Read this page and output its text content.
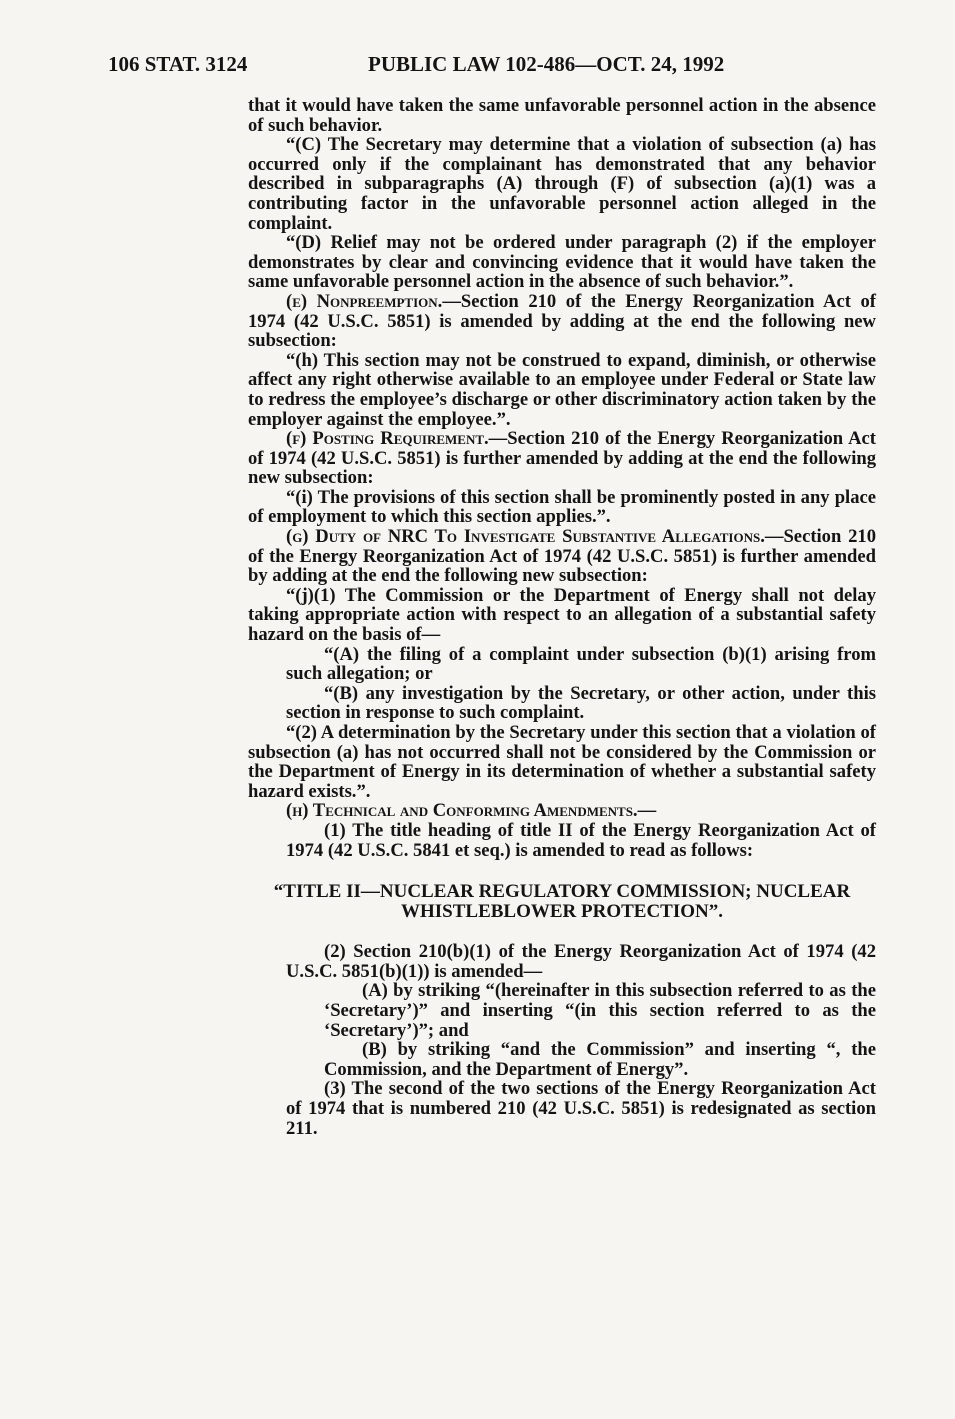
106 STAT. 3124	PUBLIC LAW 102-486—OCT. 24, 1992

that it would have taken the same unfavorable personnel action in the absence of such behavior.

“(C) The Secretary may determine that a violation of subsection (a) has occurred only if the complainant has demonstrated that any behavior described in subparagraphs (A) through (F) of subsection (a)(1) was a contributing factor in the unfavorable personnel action alleged in the complaint.

“(D) Relief may not be ordered under paragraph (2) if the employer demonstrates by clear and convincing evidence that it would have taken the same unfavorable personnel action in the absence of such behavior.”.

(e) Nonpreemption.—Section 210 of the Energy Reorganization Act of 1974 (42 U.S.C. 5851) is amended by adding at the end the following new subsection:

“(h) This section may not be construed to expand, diminish, or otherwise affect any right otherwise available to an employee under Federal or State law to redress the employee’s discharge or other discriminatory action taken by the employer against the employee.”.

(f) Posting Requirement.—Section 210 of the Energy Reorganization Act of 1974 (42 U.S.C. 5851) is further amended by adding at the end the following new subsection:

“(i) The provisions of this section shall be prominently posted in any place of employment to which this section applies.”.

(g) Duty of NRC To Investigate Substantive Allegations.—Section 210 of the Energy Reorganization Act of 1974 (42 U.S.C. 5851) is further amended by adding at the end the following new subsection:

“(j)(1) The Commission or the Department of Energy shall not delay taking appropriate action with respect to an allegation of a substantial safety hazard on the basis of—

“(A) the filing of a complaint under subsection (b)(1) arising from such allegation; or

“(B) any investigation by the Secretary, or other action, under this section in response to such complaint.

“(2) A determination by the Secretary under this section that a violation of subsection (a) has not occurred shall not be considered by the Commission or the Department of Energy in its determination of whether a substantial safety hazard exists.”.

(h) Technical and Conforming Amendments.—

(1) The title heading of title II of the Energy Reorganization Act of 1974 (42 U.S.C. 5841 et seq.) is amended to read as follows:

“TITLE II—NUCLEAR REGULATORY COMMISSION; NUCLEAR WHISTLEBLOWER PROTECTION”.

(2) Section 210(b)(1) of the Energy Reorganization Act of 1974 (42 U.S.C. 5851(b)(1)) is amended—

(A) by striking “(hereinafter in this subsection referred to as the ‘Secretary’)” and inserting “(in this section referred to as the ‘Secretary’)”; and

(B) by striking “and the Commission” and inserting “, the Commission, and the Department of Energy”.

(3) The second of the two sections of the Energy Reorganization Act of 1974 that is numbered 210 (42 U.S.C. 5851) is redesignated as section 211.
